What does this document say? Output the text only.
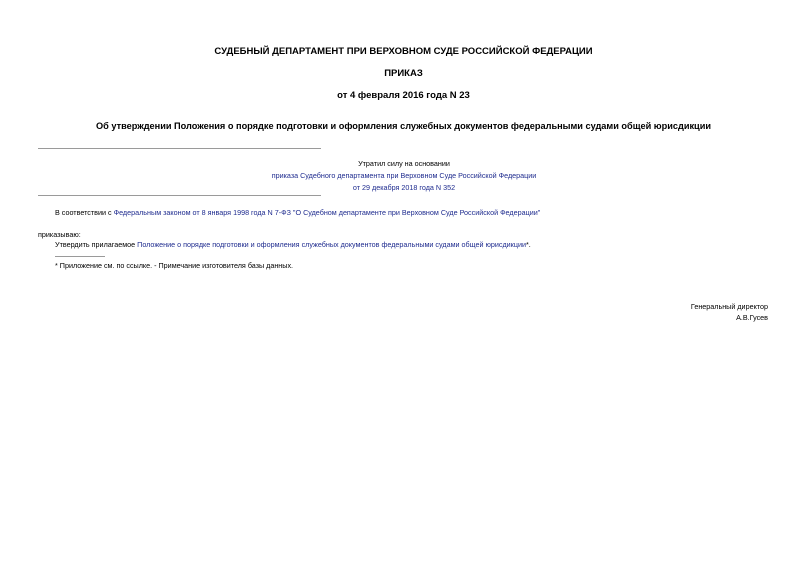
СУДЕБНЫЙ ДЕПАРТАМЕНТ ПРИ ВЕРХОВНОМ СУДЕ РОССИЙСКОЙ ФЕДЕРАЦИИ
ПРИКАЗ
от 4 февраля 2016 года N 23
Об утверждении Положения о порядке подготовки и оформления служебных документов федеральными судами общей юрисдикции
Утратил силу на основании
приказа Судебного департамента при Верховном Суде Российской Федерации
от 29 декабря 2018 года N 352
В соответствии с Федеральным законом от 8 января 1998 года N 7-ФЗ "О Судебном департаменте при Верховном Суде Российской Федерации"
приказываю:
Утвердить прилагаемое Положение о порядке подготовки и оформления служебных документов федеральными судами общей юрисдикции*.
* Приложение см. по ссылке. - Примечание изготовителя базы данных.
Генеральный директор
А.В.Гусев
